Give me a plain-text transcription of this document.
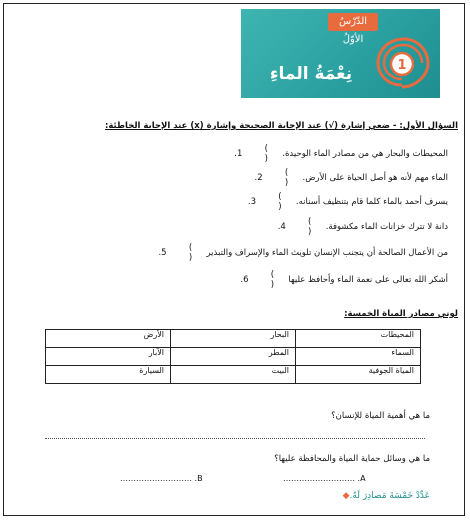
الدّرْسُ الأوّلُ
1
نِعْمَةُ الماءِ
السؤال الأول: - ضعي إشارة (√) عند الإجابة الصحيحة وإشارة (x) عند الإجابة الخاطئة:
المحيطات والبحار هي من مصادر الماء الوحيدة.
( )
.1
الماء مهم لأنه هو أصل الحياة على الأرض.
( )
.2
يسرف أحمد بالماء كلما قام بتنظيف أسنانه.
( )
.3
دانة لا تترك خزانات الماء مكشوفة.
( )
.4
من الأعمال الصالحة أن يتجنب الإنسان تلويث الماء والإسراف والتبذير
( )
.5
أشكر الله تعالى على نعمة الماء وأحافظ عليها
( )
.6
لوني مصادر المياة الخمسة:
المحيطات	البحار	الأرض
السماء	المطر	الآبار
المياة الجوفية	البيت	السيارة
ما هي أهمية المياة للإنسان؟
ما هي وسائل حماية المياة والمحافظة عليها؟
……………………… .A
……………………… .B
عَدِّدْ خَمْسَةَ مَصادِرَ لَهُ.◆
